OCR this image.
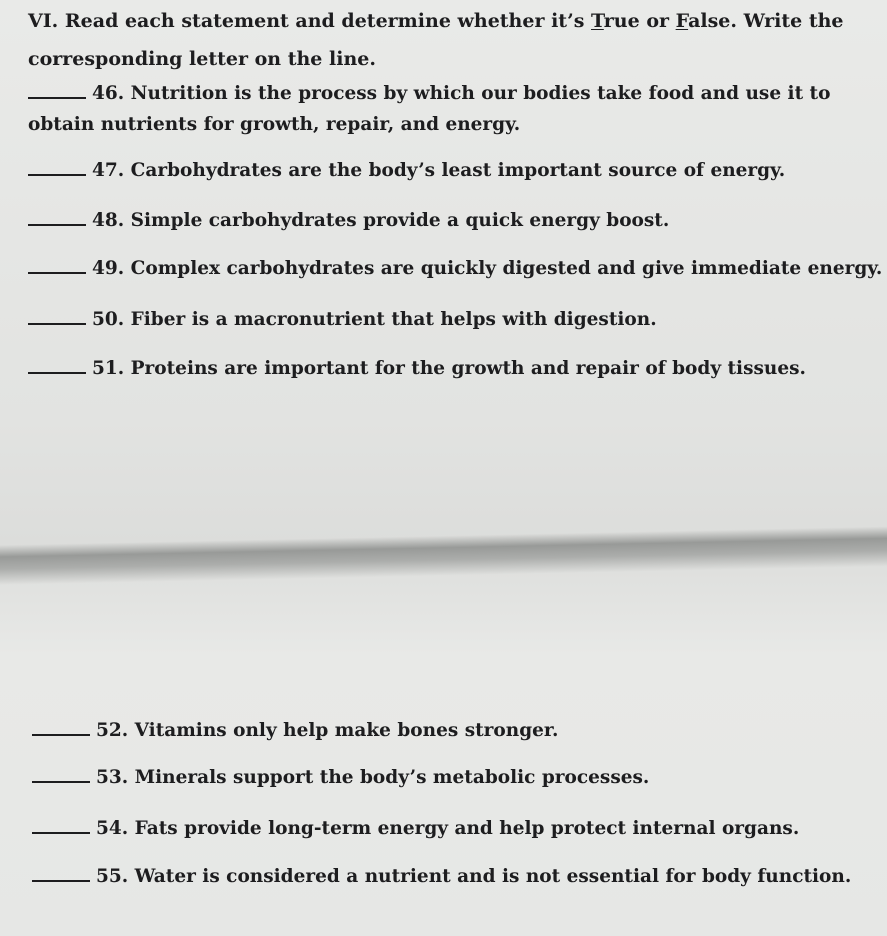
VI. Read each statement and determine whether it’s True or False. Write the corresponding letter on the line.
46. Nutrition is the process by which our bodies take food and use it to obtain nutrients for growth, repair, and energy.
47. Carbohydrates are the body’s least important source of energy.
48. Simple carbohydrates provide a quick energy boost.
49. Complex carbohydrates are quickly digested and give immediate energy.
50. Fiber is a macronutrient that helps with digestion.
51. Proteins are important for the growth and repair of body tissues.
52. Vitamins only help make bones stronger.
53. Minerals support the body’s metabolic processes.
54. Fats provide long-term energy and help protect internal organs.
55. Water is considered a nutrient and is not essential for body function.
